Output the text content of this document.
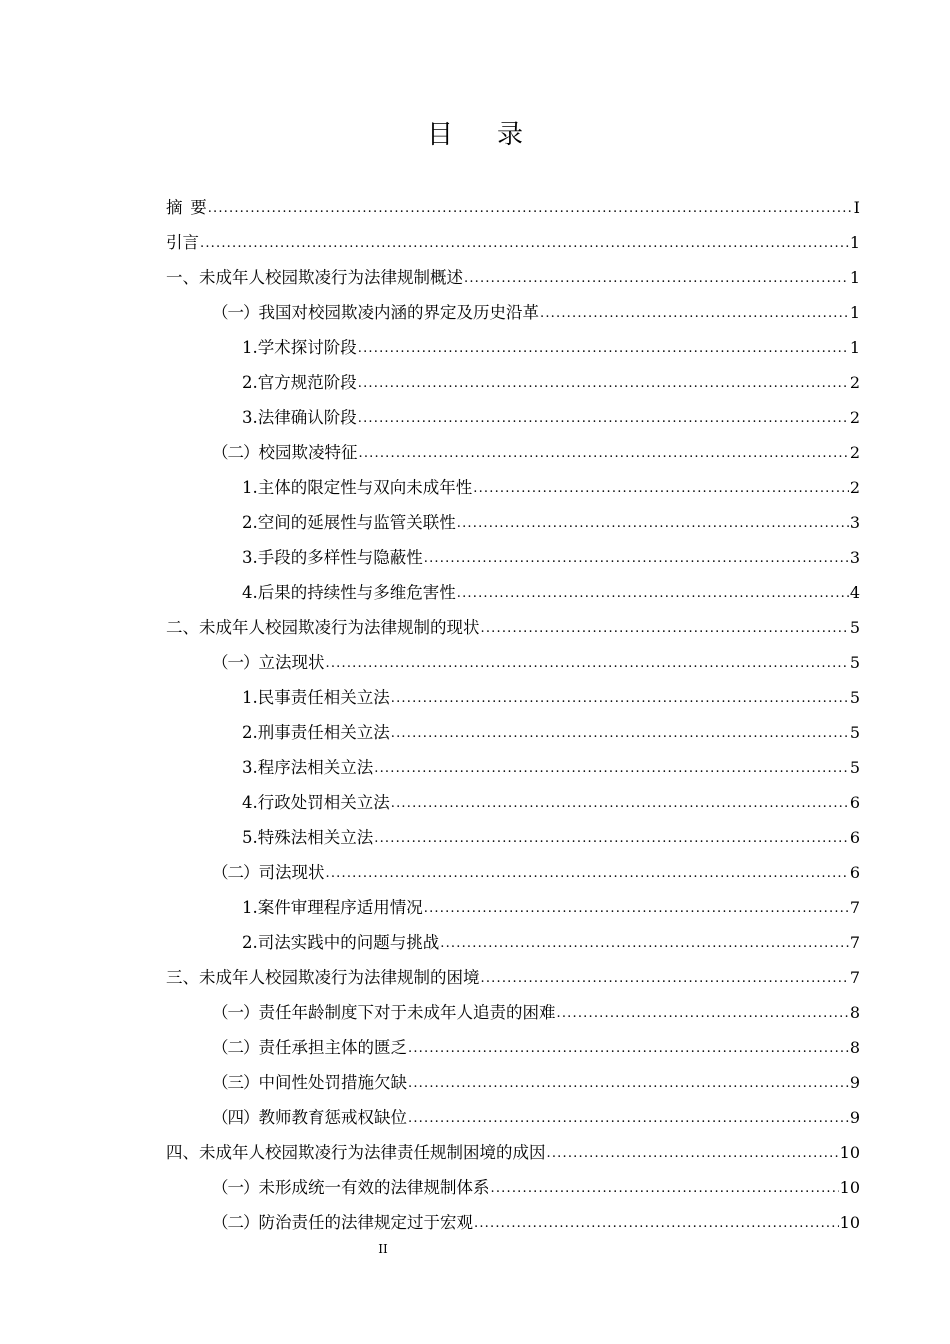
目 录
摘 要 .....	I
引言 .....	1
一、 未成年人校园欺凌行为法律规制概述 .....	1
（一） 我国对校园欺凌内涵的界定及历史沿革 .....	1
1. 学术探讨阶段 .....	1
2. 官方规范阶段 .....	2
3. 法律确认阶段 .....	2
（二） 校园欺凌特征 .....	2
1. 主体的限定性与双向未成年性 .....	2
2. 空间的延展性与监管关联性 .....	3
3. 手段的多样性与隐蔽性 .....	3
4. 后果的持续性与多维危害性 .....	4
二、 未成年人校园欺凌行为法律规制的现状 .....	5
（一） 立法现状 .....	5
1. 民事责任相关立法 .....	5
2. 刑事责任相关立法 .....	5
3. 程序法相关立法 .....	5
4. 行政处罚相关立法 .....	6
5. 特殊法相关立法 .....	6
（二） 司法现状 .....	6
1. 案件审理程序适用情况 .....	7
2. 司法实践中的问题与挑战 .....	7
三、 未成年人校园欺凌行为法律规制的困境 .....	7
（一） 责任年龄制度下对于未成年人追责的困难 .....	8
（二） 责任承担主体的匮乏 .....	8
（三） 中间性处罚措施欠缺 .....	9
（四） 教师教育惩戒权缺位 .....	9
四、 未成年人校园欺凌行为法律责任规制困境的成因 .....	10
（一） 未形成统一有效的法律规制体系 .....	10
（二） 防治责任的法律规定过于宏观 .....	10
II
